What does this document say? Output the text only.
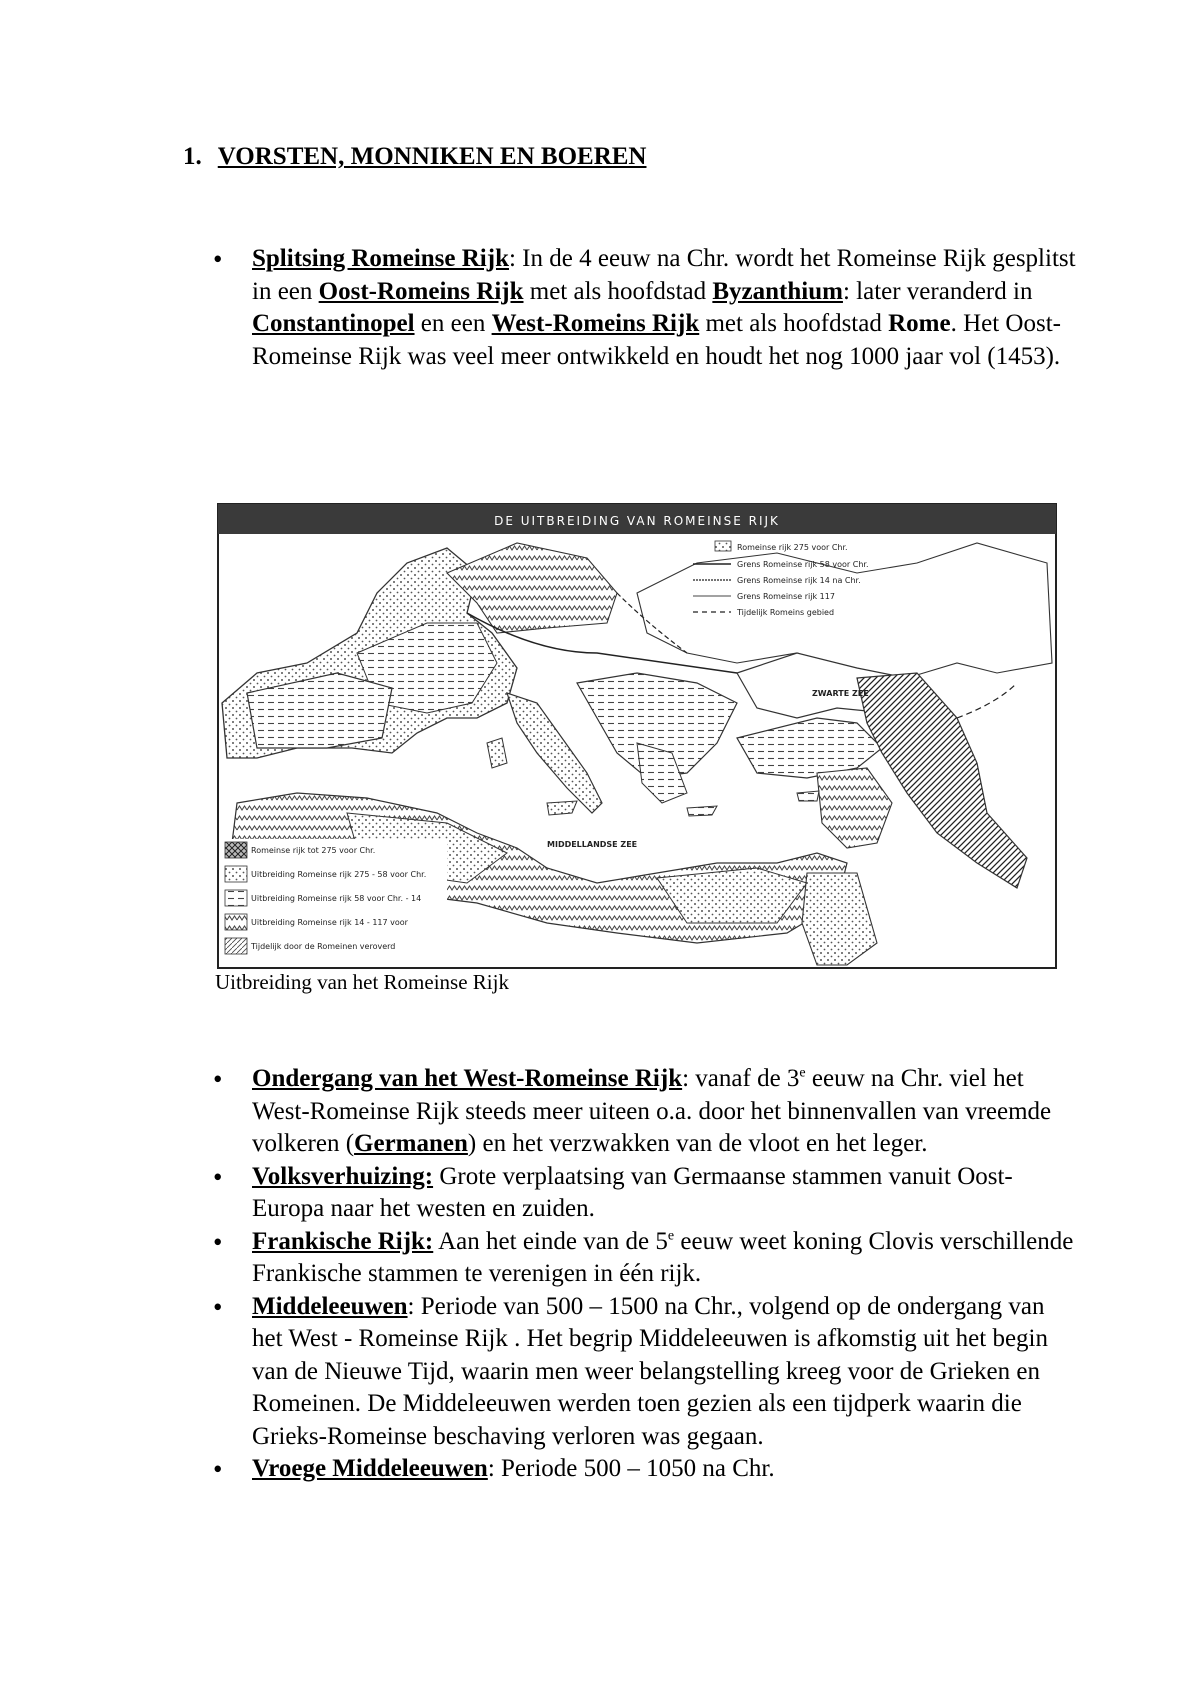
1. VORSTEN, MONNIKEN EN BOEREN
• Splitsing Romeinse Rijk: In de 4 eeuw na Chr. wordt het Romeinse Rijk gesplitst in een Oost-Romeins Rijk met als hoofdstad Byzanthium: later veranderd in Constantinopel en een West-Romeins Rijk met als hoofdstad Rome. Het Oost-Romeinse Rijk was veel meer ontwikkeld en houdt het nog 1000 jaar vol (1453).
DE UITBREIDING VAN ROMEINSE RIJK
ZWARTE ZEE
MIDDELLANDSE ZEE
Romeinse rijk 275 voor Chr.
Grens Romeinse rijk 58 voor Chr.
Grens Romeinse rijk 14 na Chr.
Grens Romeinse rijk 117
Tijdelijk Romeins gebied
Romeinse rijk tot 275 voor Chr.
Uitbreiding Romeinse rijk 275 - 58 voor Chr.
Uitbreiding Romeinse rijk 58 voor Chr. - 14
Uitbreiding Romeinse rijk 14 - 117 voor
Tijdelijk door de Romeinen veroverd
Uitbreiding van het Romeinse Rijk
• Ondergang van het West-Romeinse Rijk: vanaf de 3e eeuw na Chr. viel het West-Romeinse Rijk steeds meer uiteen o.a. door het binnenvallen van vreemde volkeren (Germanen) en het verzwakken van de vloot en het leger.
• Volksverhuizing: Grote verplaatsing van Germaanse stammen vanuit Oost-Europa naar het westen en zuiden.
• Frankische Rijk: Aan het einde van de 5e eeuw weet koning Clovis verschillende Frankische stammen te verenigen in één rijk.
• Middeleeuwen: Periode van 500 – 1500 na Chr., volgend op de ondergang van het West - Romeinse Rijk . Het begrip Middeleeuwen is afkomstig uit het begin van de Nieuwe Tijd, waarin men weer belangstelling kreeg voor de Grieken en Romeinen. De Middeleeuwen werden toen gezien als een tijdperk waarin die Grieks-Romeinse beschaving verloren was gegaan.
• Vroege Middeleeuwen: Periode 500 – 1050 na Chr.
